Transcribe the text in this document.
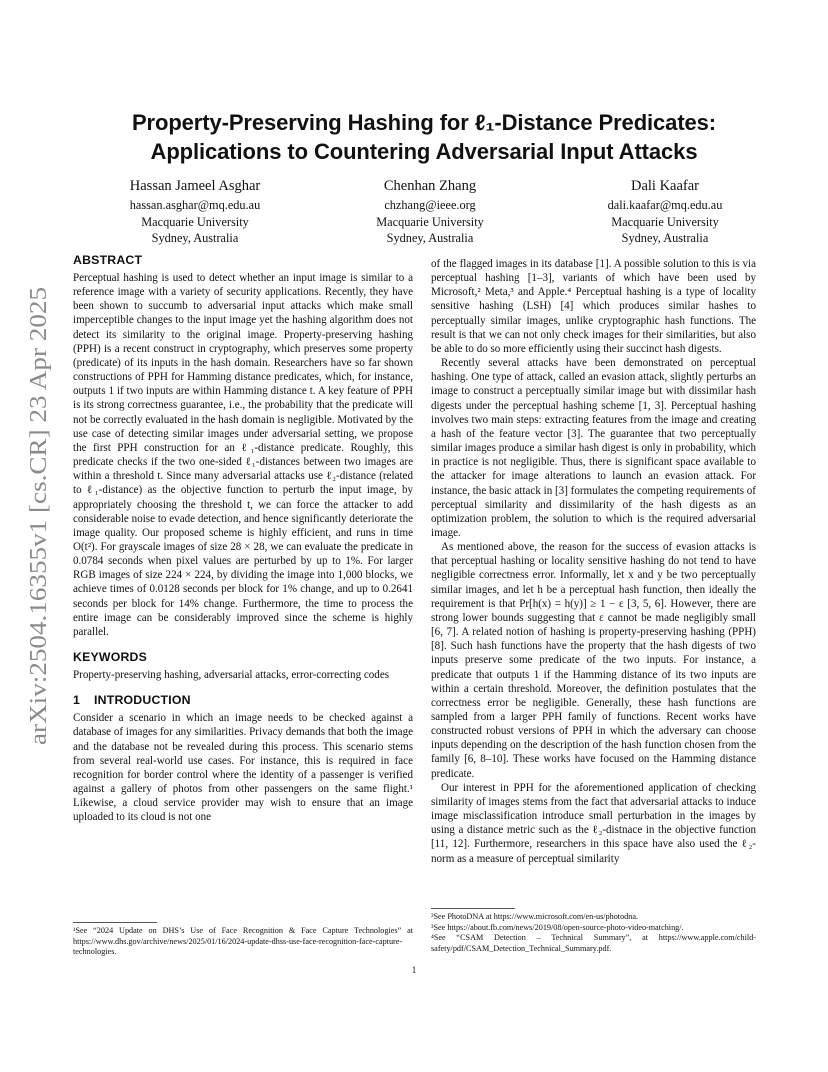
arXiv:2504.16355v1 [cs.CR] 23 Apr 2025
Property-Preserving Hashing for ℓ₁-Distance Predicates:
Applications to Countering Adversarial Input Attacks
Hassan Jameel Asghar
hassan.asghar@mq.edu.au
Macquarie University
Sydney, Australia
Chenhan Zhang
chzhang@ieee.org
Macquarie University
Sydney, Australia
Dali Kaafar
dali.kaafar@mq.edu.au
Macquarie University
Sydney, Australia
ABSTRACT

Perceptual hashing is used to detect whether an input image is similar to a reference image with a variety of security applications. Recently, they have been shown to succumb to adversarial input attacks which make small imperceptible changes to the input image yet the hashing algorithm does not detect its similarity to the original image. Property-preserving hashing (PPH) is a recent construct in cryptography, which preserves some property (predicate) of its inputs in the hash domain. Researchers have so far shown constructions of PPH for Hamming distance predicates, which, for instance, outputs 1 if two inputs are within Hamming distance t. A key feature of PPH is its strong correctness guarantee, i.e., the probability that the predicate will not be correctly evaluated in the hash domain is negligible. Motivated by the use case of detecting similar images under adversarial setting, we propose the first PPH construction for an ℓ₁-distance predicate. Roughly, this predicate checks if the two one-sided ℓ₁-distances between two images are within a threshold t. Since many adversarial attacks use ℓ₂-distance (related to ℓ₁-distance) as the objective function to perturb the input image, by appropriately choosing the threshold t, we can force the attacker to add considerable noise to evade detection, and hence significantly deteriorate the image quality. Our proposed scheme is highly efficient, and runs in time O(t²). For grayscale images of size 28 × 28, we can evaluate the predicate in 0.0784 seconds when pixel values are perturbed by up to 1%. For larger RGB images of size 224 × 224, by dividing the image into 1,000 blocks, we achieve times of 0.0128 seconds per block for 1% change, and up to 0.2641 seconds per block for 14% change. Furthermore, the time to process the entire image can be considerably improved since the scheme is highly parallel.

KEYWORDS

Property-preserving hashing, adversarial attacks, error-correcting codes

1 INTRODUCTION

Consider a scenario in which an image needs to be checked against a database of images for any similarities. Privacy demands that both the image and the database not be revealed during this process. This scenario stems from several real-world use cases. For instance, this is required in face recognition for border control where the identity of a passenger is verified against a gallery of photos from other passengers on the same flight.¹ Likewise, a cloud service provider may wish to ensure that an image uploaded to its cloud is not one

¹See “2024 Update on DHS’s Use of Face Recognition & Face Capture Technologies” at https://www.dhs.gov/archive/news/2025/01/16/2024-update-dhss-use-face-recognition-face-capture-technologies.

of the flagged images in its database [1]. A possible solution to this is via perceptual hashing [1–3], variants of which have been used by Microsoft,² Meta,³ and Apple.⁴ Perceptual hashing is a type of locality sensitive hashing (LSH) [4] which produces similar hashes to perceptually similar images, unlike cryptographic hash functions. The result is that we can not only check images for their similarities, but also be able to do so more efficiently using their succinct hash digests.

Recently several attacks have been demonstrated on perceptual hashing. One type of attack, called an evasion attack, slightly perturbs an image to construct a perceptually similar image but with dissimilar hash digests under the perceptual hashing scheme [1, 3]. Perceptual hashing involves two main steps: extracting features from the image and creating a hash of the feature vector [3]. The guarantee that two perceptually similar images produce a similar hash digest is only in probability, which in practice is not negligible. Thus, there is significant space available to the attacker for image alterations to launch an evasion attack. For instance, the basic attack in [3] formulates the competing requirements of perceptual similarity and dissimilarity of the hash digests as an optimization problem, the solution to which is the required adversarial image.

As mentioned above, the reason for the success of evasion attacks is that perceptual hashing or locality sensitive hashing do not tend to have negligible correctness error. Informally, let x and y be two perceptually similar images, and let h be a perceptual hash function, then ideally the requirement is that Pr[h(x) = h(y)] ≥ 1 − ε [3, 5, 6]. However, there are strong lower bounds suggesting that ε cannot be made negligibly small [6, 7]. A related notion of hashing is property-preserving hashing (PPH) [8]. Such hash functions have the property that the hash digests of two inputs preserve some predicate of the two inputs. For instance, a predicate that outputs 1 if the Hamming distance of its two inputs are within a certain threshold. Moreover, the definition postulates that the correctness error be negligible. Generally, these hash functions are sampled from a larger PPH family of functions. Recent works have constructed robust versions of PPH in which the adversary can choose inputs depending on the description of the hash function chosen from the family [6, 8–10]. These works have focused on the Hamming distance predicate.

Our interest in PPH for the aforementioned application of checking similarity of images stems from the fact that adversarial attacks to induce image misclassification introduce small perturbation in the images by using a distance metric such as the ℓ₂-distnace in the objective function [11, 12]. Furthermore, researchers in this space have also used the ℓ₂-norm as a measure of perceptual similarity

²See PhotoDNA at https://www.microsoft.com/en-us/photodna.

³See https://about.fb.com/news/2019/08/open-source-photo-video-matching/.

⁴See “CSAM Detection – Technical Summary”, at https://www.apple.com/child-safety/pdf/CSAM_Detection_Technical_Summary.pdf.

1
